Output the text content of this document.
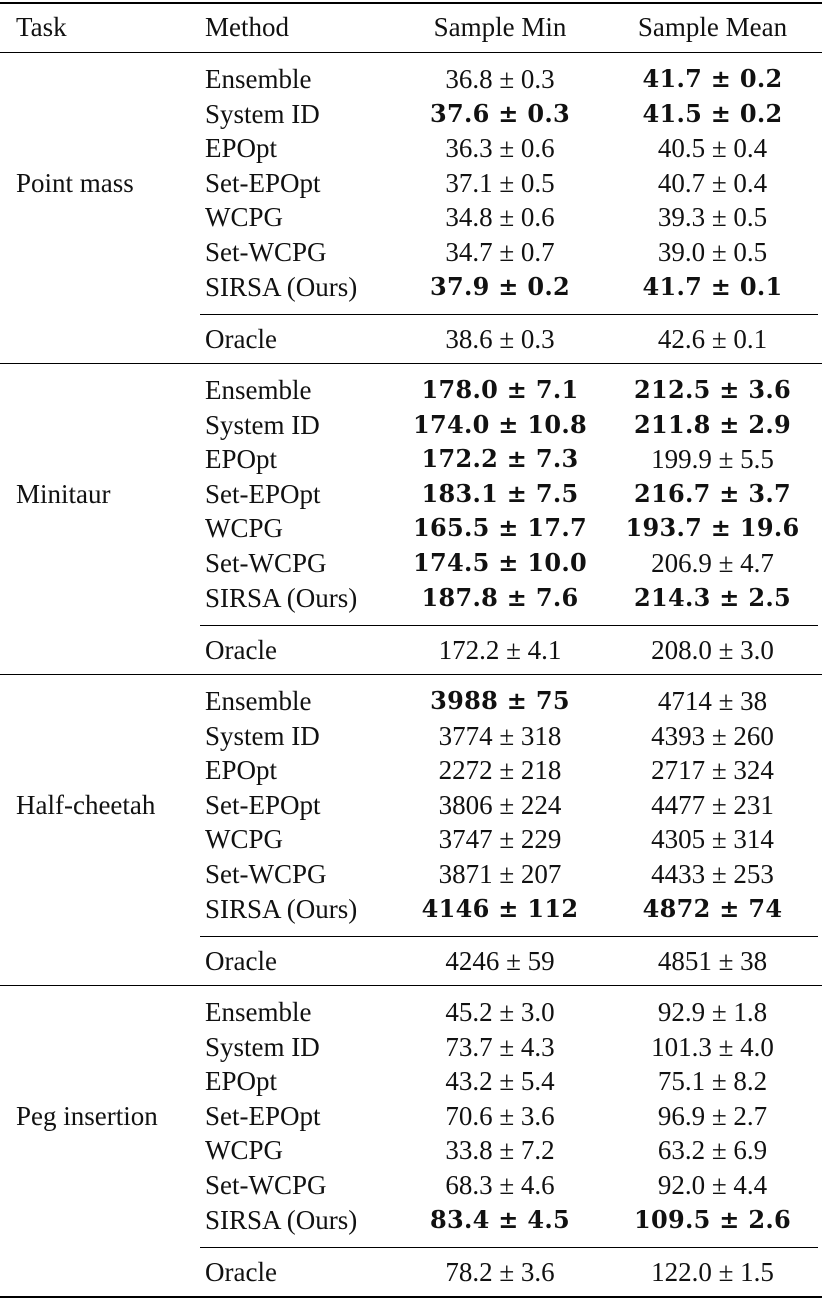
Task	Method	Sample Min	Sample Mean
Point mass
Ensemble	36.8 ± 0.3	41.7 ± 0.2
System ID	37.6 ± 0.3	41.5 ± 0.2
EPOpt	36.3 ± 0.6	40.5 ± 0.4
Set-EPOpt	37.1 ± 0.5	40.7 ± 0.4
WCPG	34.8 ± 0.6	39.3 ± 0.5
Set-WCPG	34.7 ± 0.7	39.0 ± 0.5
SIRSA (Ours)	37.9 ± 0.2	41.7 ± 0.1
Oracle	38.6 ± 0.3	42.6 ± 0.1
Minitaur
Ensemble	178.0 ± 7.1	212.5 ± 3.6
System ID	174.0 ± 10.8	211.8 ± 2.9
EPOpt	172.2 ± 7.3	199.9 ± 5.5
Set-EPOpt	183.1 ± 7.5	216.7 ± 3.7
WCPG	165.5 ± 17.7	193.7 ± 19.6
Set-WCPG	174.5 ± 10.0	206.9 ± 4.7
SIRSA (Ours)	187.8 ± 7.6	214.3 ± 2.5
Oracle	172.2 ± 4.1	208.0 ± 3.0
Half-cheetah
Ensemble	3988 ± 75	4714 ± 38
System ID	3774 ± 318	4393 ± 260
EPOpt	2272 ± 218	2717 ± 324
Set-EPOpt	3806 ± 224	4477 ± 231
WCPG	3747 ± 229	4305 ± 314
Set-WCPG	3871 ± 207	4433 ± 253
SIRSA (Ours)	4146 ± 112	4872 ± 74
Oracle	4246 ± 59	4851 ± 38
Peg insertion
Ensemble	45.2 ± 3.0	92.9 ± 1.8
System ID	73.7 ± 4.3	101.3 ± 4.0
EPOpt	43.2 ± 5.4	75.1 ± 8.2
Set-EPOpt	70.6 ± 3.6	96.9 ± 2.7
WCPG	33.8 ± 7.2	63.2 ± 6.9
Set-WCPG	68.3 ± 4.6	92.0 ± 4.4
SIRSA (Ours)	83.4 ± 4.5	109.5 ± 2.6
Oracle	78.2 ± 3.6	122.0 ± 1.5
